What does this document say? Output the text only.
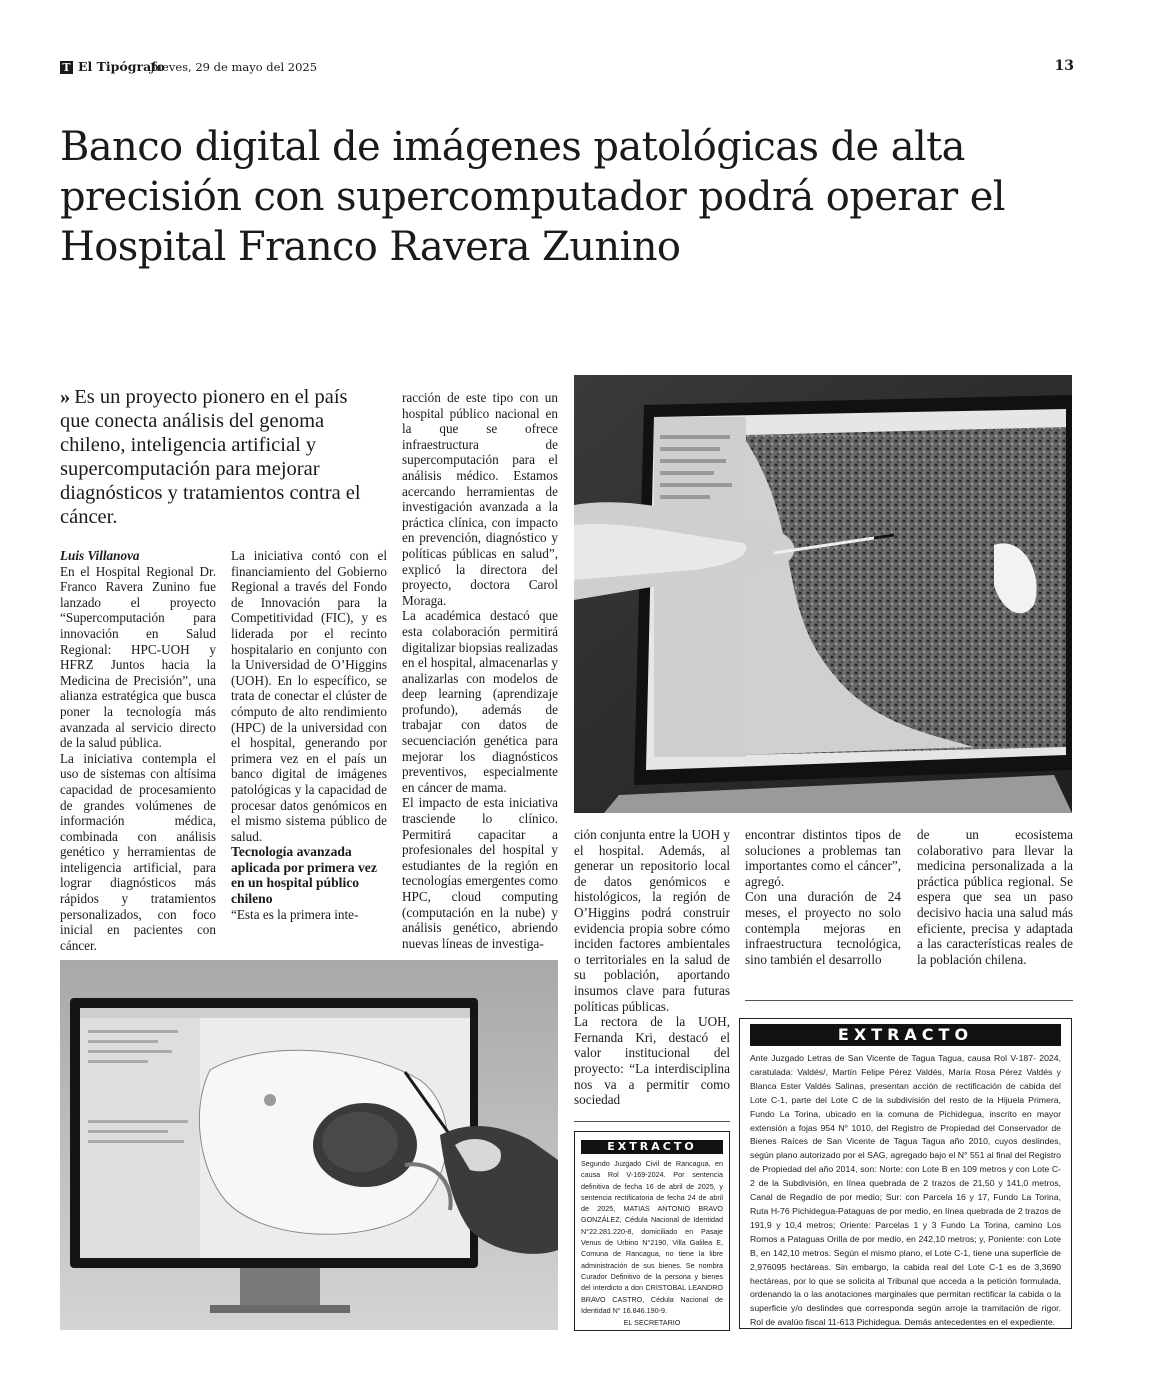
T El Tipógrafo
Jueves, 29 de mayo del 2025	13
Banco digital de imágenes patológicas de alta precisión con supercomputador podrá operar el Hospital Franco Ravera Zunino
» Es un proyecto pionero en el país que conecta análisis del genoma chileno, inteligencia artificial y supercomputación para mejorar diagnósticos y tratamientos contra el cáncer.

Luis Villanova

En el Hospital Regional Dr. Franco Ravera Zunino fue lanzado el proyecto “Supercomputación para innovación en Salud Regional: HPC-UOH y HFRZ Juntos hacia la Medicina de Precisión”, una alianza estratégica que busca poner la tecnología más avanzada al servicio directo de la salud pública.

La iniciativa contempla el uso de sistemas con altísima capacidad de procesamiento de grandes volúmenes de información médica, combinada con análisis genético y herramientas de inteligencia artificial, para lograr diagnósticos más rápidos y tratamientos personalizados, con foco inicial en pacientes con cáncer.

La iniciativa contó con el financiamiento del Gobierno Regional a través del Fondo de Innovación para la Competitividad (FIC), y es liderada por el recinto hospitalario en conjunto con la Universidad de O’Higgins (UOH). En lo específico, se trata de conectar el clúster de cómputo de alto rendimiento (HPC) de la universidad con el hospital, generando por primera vez en el país un banco digital de imágenes patológicas y la capacidad de procesar datos genómicos en el mismo sistema público de salud.

Tecnología avanzada aplicada por primera vez en un hospital público chileno

“Esta es la primera inte-

racción de este tipo con un hospital público nacional en la que se ofrece infraestructura de supercomputación para el análisis médico. Estamos acercando herramientas de investigación avanzada a la práctica clínica, con impacto en prevención, diagnóstico y políticas públicas en salud”, explicó la directora del proyecto, doctora Carol Moraga.

La académica destacó que esta colaboración permitirá digitalizar biopsias realizadas en el hospital, almacenarlas y analizarlas con modelos de deep learning (aprendizaje profundo), además de trabajar con datos de secuenciación genética para mejorar los diagnósticos preventivos, especialmente en cáncer de mama.

El impacto de esta iniciativa trasciende lo clínico. Permitirá capacitar a profesionales del hospital y estudiantes de la región en tecnologías emergentes como HPC, cloud computing (computación en la nube) y análisis genético, abriendo nuevas líneas de investiga-

ción conjunta entre la UOH y el hospital. Además, al generar un repositorio local de datos genómicos e histológicos, la región de O’Higgins podrá construir evidencia propia sobre cómo inciden factores ambientales o territoriales en la salud de su población, aportando insumos clave para futuras políticas públicas.

La rectora de la UOH, Fernanda Kri, destacó el valor institucional del proyecto: “La interdisciplina nos va a permitir como sociedad

encontrar distintos tipos de soluciones a problemas tan importantes como el cáncer”, agregó.

Con una duración de 24 meses, el proyecto no solo contempla mejoras en infraestructura tecnológica, sino también el desarrollo

de un ecosistema colaborativo para llevar la medicina personalizada a la práctica pública regional. Se espera que sea un paso decisivo hacia una salud más eficiente, precisa y adaptada a las características reales de la población chilena.

EXTRACTO
Segundo Juzgado Civil de Rancagua, en causa Rol V-169-2024. Por sentencia definitiva de fecha 16 de abril de 2025, y sentencia rectificatoria de fecha 24 de abril de 2025, MATIAS ANTONIO BRAVO GONZÁLEZ, Cédula Nacional de Identidad N°22.281.220-8, domiciliado en Pasaje Venus de Urbino N°2190, Villa Galilea E, Comuna de Rancagua, no tiene la libre administración de sus bienes. Se nombra Curador Definitivo de la persona y bienes del interdicto a don CRISTOBAL LEANDRO BRAVO CASTRO, Cédula Nacional de Identidad N° 16.846.190-9.
EL SECRETARIO
EXTRACTO
Ante Juzgado Letras de San Vicente de Tagua Tagua, causa Rol V-187- 2024, caratulada: Valdés/, Martín Felipe Pérez Valdés, María Rosa Pérez Valdés y Blanca Ester Valdés Salinas, presentan acción de rectificación de cabida del Lote C-1, parte del Lote C de la subdivisión del resto de la Hijuela Primera, Fundo La Torina, ubicado en la comuna de Pichidegua, inscrito en mayor extensión a fojas 954 N° 1010, del Registro de Propiedad del Conservador de Bienes Raíces de San Vicente de Tagua Tagua año 2010, cuyos deslindes, según plano autorizado por el SAG, agregado bajo el N° 551 al final del Registro de Propiedad del año 2014, son: Norte: con Lote B en 109 metros y con Lote C-2 de la Subdivisión, en línea quebrada de 2 trazos de 21,50 y 141,0 metros, Canal de Regadío de por medio; Sur: con Parcela 16 y 17, Fundo La Torina, Ruta H-76 Pichidegua-Pataguas de por medio, en línea quebrada de 2 trazos de 191,9 y 10,4 metros; Oriente: Parcelas 1 y 3 Fundo La Torina, camino Los Romos a Pataguas Orilla de por medio, en 242,10 metros; y, Poniente: con Lote B, en 142,10 metros. Según el mismo plano, el Lote C-1, tiene una superficie de 2,976095 hectáreas. Sin embargo, la cabida real del Lote C-1 es de 3,3690 hectáreas, por lo que se solicita al Tribunal que acceda a la petición formulada, ordenando la o las anotaciones marginales que permitan rectificar la cabida o la superficie y/o deslindes que corresponda según arroje la tramitación de rigor. Rol de avalúo fiscal 11-613 Pichidegua. Demás antecedentes en el expediente.
